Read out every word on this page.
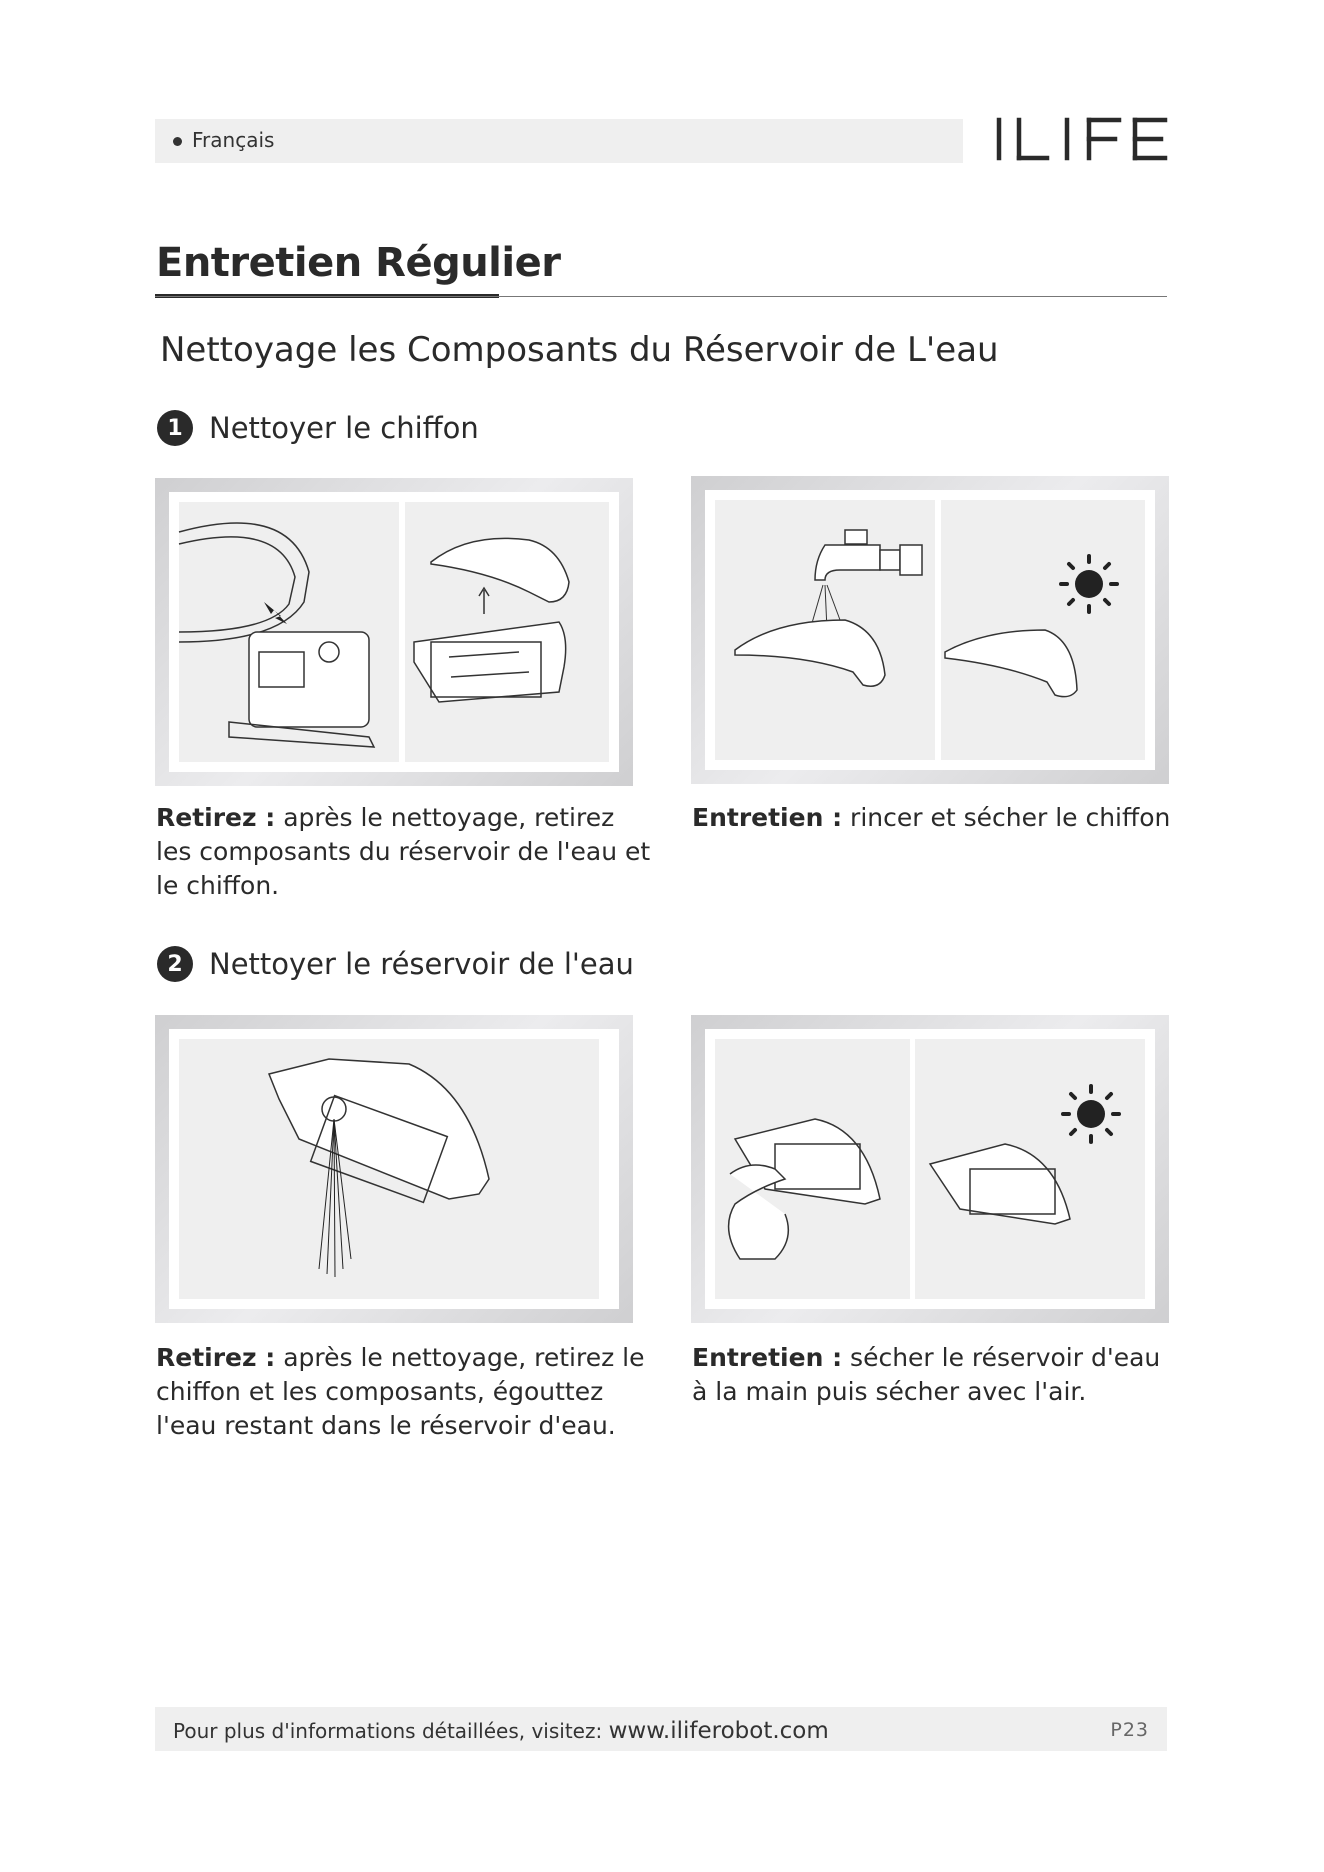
Français
Entretien Régulier
Nettoyage les Composants du Réservoir de L'eau
1 Nettoyer le chiffon
Retirez : après le nettoyage, retirez les composants du réservoir de l'eau et le chiffon.
Entretien : rincer et sécher le chiffon
2 Nettoyer le réservoir de l'eau
Retirez : après le nettoyage, retirez le chiffon et les composants, égouttez l'eau restant dans le réservoir d'eau.
Entretien : sécher le réservoir d'eau à la main puis sécher avec l'air.
Pour plus d'informations détaillées, visitez: www.iliferobot.com	P23
